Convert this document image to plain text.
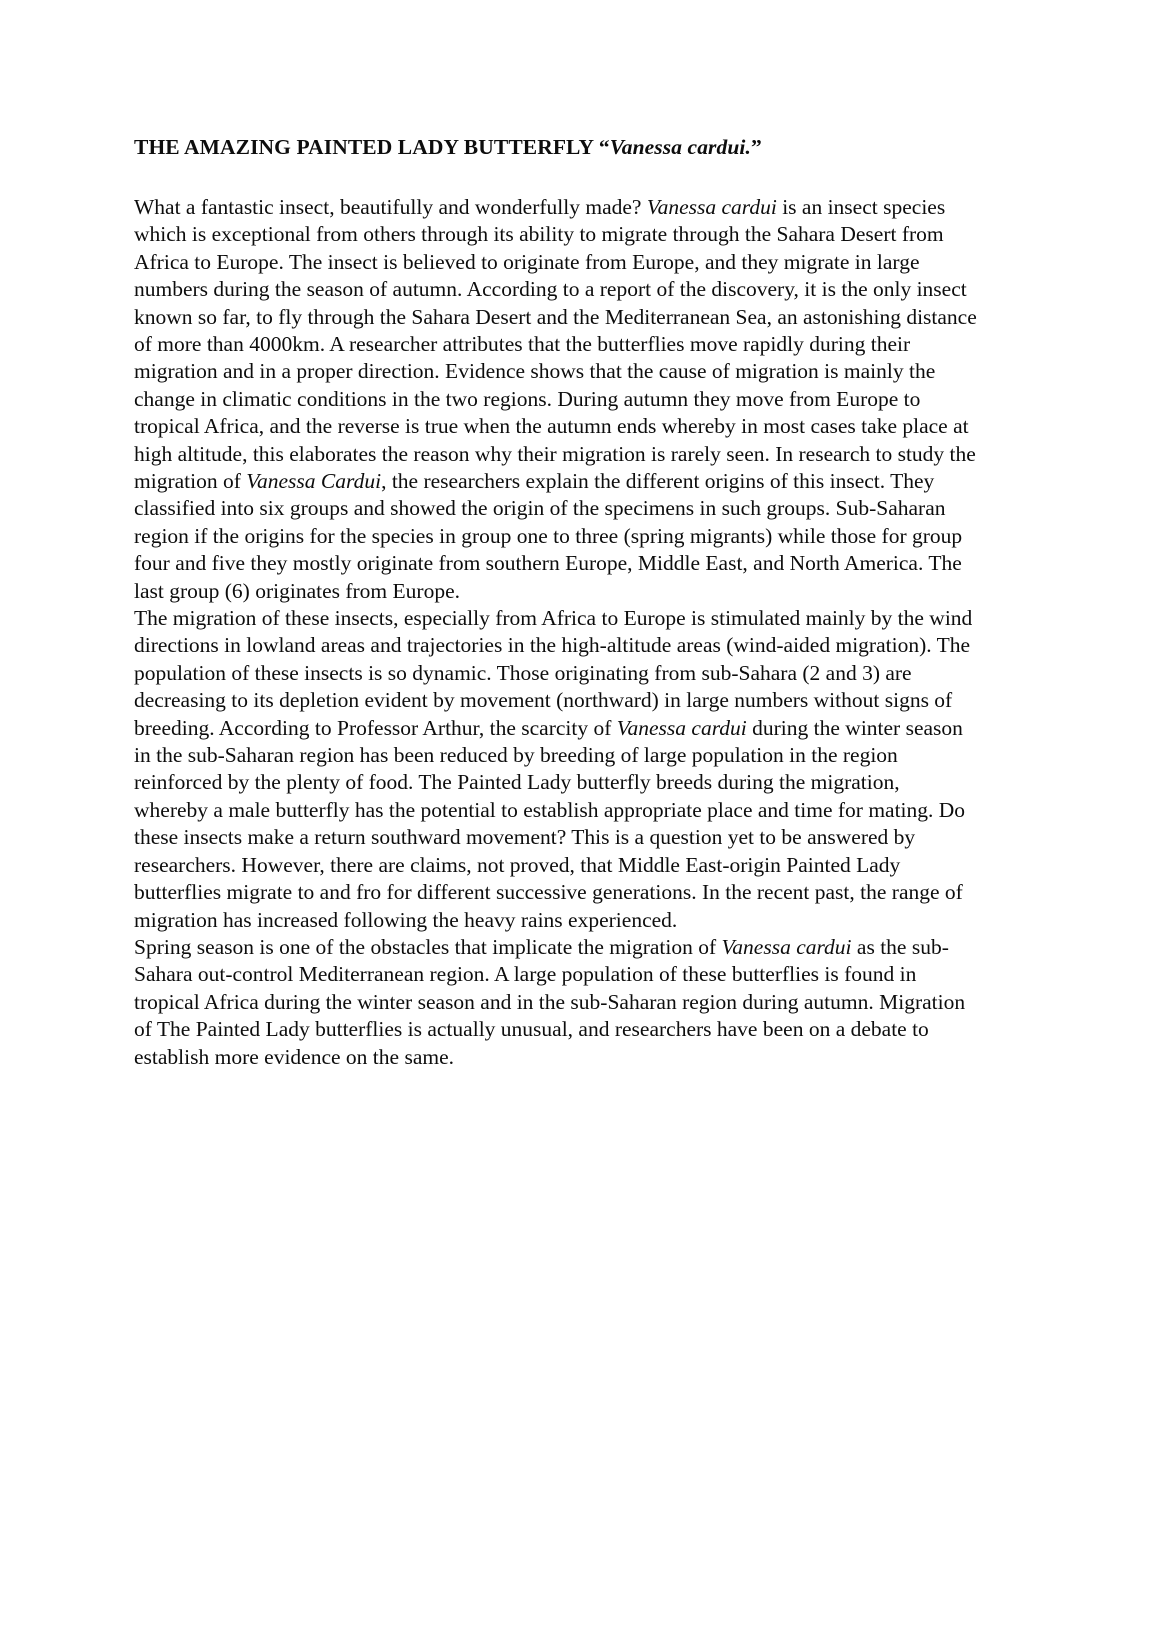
THE AMAZING PAINTED LADY BUTTERFLY “Vanessa cardui.”

What a fantastic insect, beautifully and wonderfully made? Vanessa cardui is an insect species which is exceptional from others through its ability to migrate through the Sahara Desert from Africa to Europe. The insect is believed to originate from Europe, and they migrate in large numbers during the season of autumn. According to a report of the discovery, it is the only insect known so far, to fly through the Sahara Desert and the Mediterranean Sea, an astonishing distance of more than 4000km. A researcher attributes that the butterflies move rapidly during their migration and in a proper direction. Evidence shows that the cause of migration is mainly the change in climatic conditions in the two regions. During autumn they move from Europe to tropical Africa, and the reverse is true when the autumn ends whereby in most cases take place at high altitude, this elaborates the reason why their migration is rarely seen. In research to study the migration of Vanessa Cardui, the researchers explain the different origins of this insect. They classified into six groups and showed the origin of the specimens in such groups. Sub-Saharan region if the origins for the species in group one to three (spring migrants) while those for group four and five they mostly originate from southern Europe, Middle East, and North America. The last group (6) originates from Europe.

The migration of these insects, especially from Africa to Europe is stimulated mainly by the wind directions in lowland areas and trajectories in the high-altitude areas (wind-aided migration). The population of these insects is so dynamic. Those originating from sub-Sahara (2 and 3) are decreasing to its depletion evident by movement (northward) in large numbers without signs of breeding. According to Professor Arthur, the scarcity of Vanessa cardui during the winter season in the sub-Saharan region has been reduced by breeding of large population in the region reinforced by the plenty of food. The Painted Lady butterfly breeds during the migration, whereby a male butterfly has the potential to establish appropriate place and time for mating. Do these insects make a return southward movement? This is a question yet to be answered by researchers. However, there are claims, not proved, that Middle East-origin Painted Lady butterflies migrate to and fro for different successive generations. In the recent past, the range of migration has increased following the heavy rains experienced.

Spring season is one of the obstacles that implicate the migration of Vanessa cardui as the sub-Sahara out-control Mediterranean region. A large population of these butterflies is found in tropical Africa during the winter season and in the sub-Saharan region during autumn. Migration of The Painted Lady butterflies is actually unusual, and researchers have been on a debate to establish more evidence on the same.
